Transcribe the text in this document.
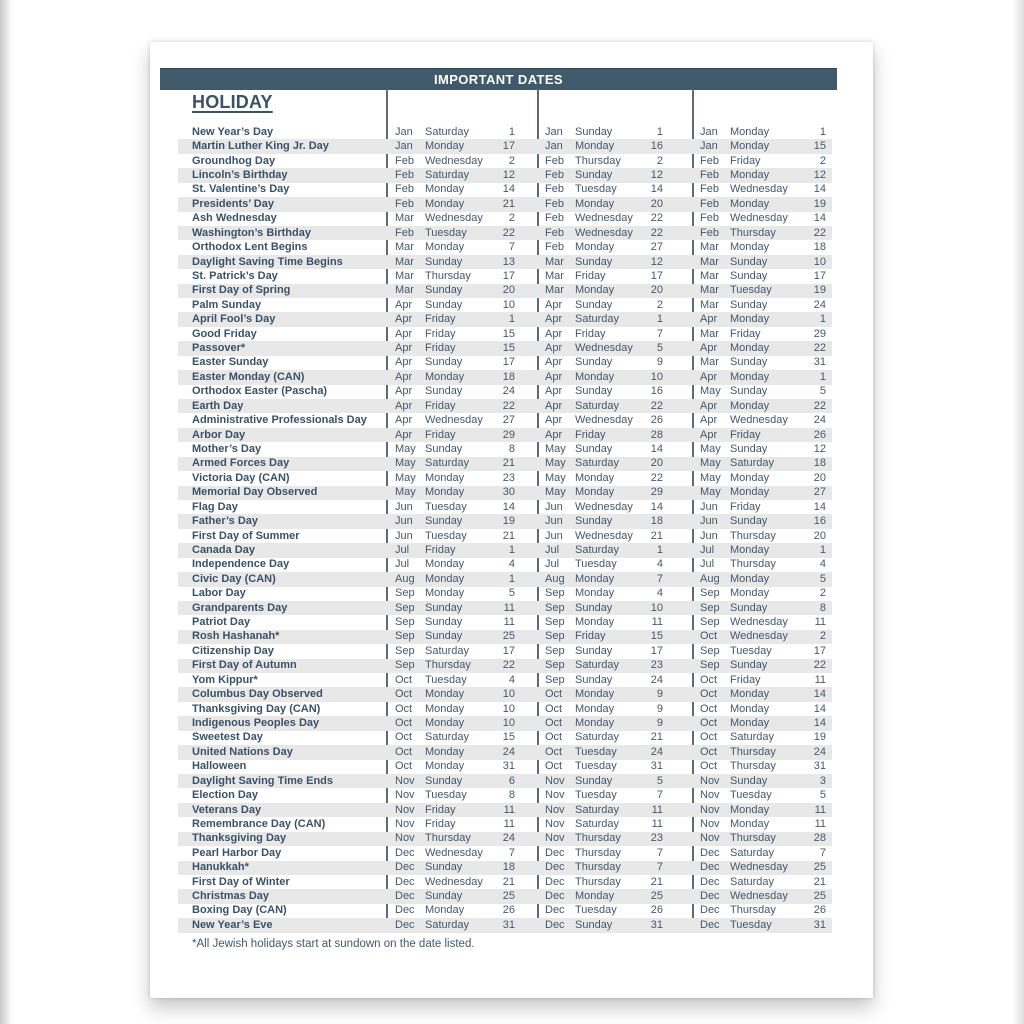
IMPORTANT DATES
HOLIDAY
New Year’s Day	Jan	Saturday	1	Jan	Sunday	1	Jan	Monday	1
Martin Luther King Jr. Day	Jan	Monday	17	Jan	Monday	16	Jan	Monday	15
Groundhog Day	Feb	Wednesday	2	Feb	Thursday	2	Feb	Friday	2
Lincoln’s Birthday	Feb	Saturday	12	Feb	Sunday	12	Feb	Monday	12
St. Valentine’s Day	Feb	Monday	14	Feb	Tuesday	14	Feb	Wednesday	14
Presidents’ Day	Feb	Monday	21	Feb	Monday	20	Feb	Monday	19
Ash Wednesday	Mar	Wednesday	2	Feb	Wednesday	22	Feb	Wednesday	14
Washington’s Birthday	Feb	Tuesday	22	Feb	Wednesday	22	Feb	Thursday	22
Orthodox Lent Begins	Mar	Monday	7	Feb	Monday	27	Mar	Monday	18
Daylight Saving Time Begins	Mar	Sunday	13	Mar	Sunday	12	Mar	Sunday	10
St. Patrick’s Day	Mar	Thursday	17	Mar	Friday	17	Mar	Sunday	17
First Day of Spring	Mar	Sunday	20	Mar	Monday	20	Mar	Tuesday	19
Palm Sunday	Apr	Sunday	10	Apr	Sunday	2	Mar	Sunday	24
April Fool’s Day	Apr	Friday	1	Apr	Saturday	1	Apr	Monday	1
Good Friday	Apr	Friday	15	Apr	Friday	7	Mar	Friday	29
Passover*	Apr	Friday	15	Apr	Wednesday	5	Apr	Monday	22
Easter Sunday	Apr	Sunday	17	Apr	Sunday	9	Mar	Sunday	31
Easter Monday (CAN)	Apr	Monday	18	Apr	Monday	10	Apr	Monday	1
Orthodox Easter (Pascha)	Apr	Sunday	24	Apr	Sunday	16	May Sunday	5
Earth Day	Apr	Friday	22	Apr	Saturday	22	Apr	Monday	22
Administrative Professionals Day	Apr	Wednesday	27	Apr	Wednesday	26	Apr	Wednesday	24
Arbor Day	Apr	Friday	29	Apr	Friday	28	Apr	Friday	26
Mother’s Day	May Sunday	8	May Sunday	14	May Sunday	12
Armed Forces Day	May Saturday	21	May Saturday	20	May Saturday	18
Victoria Day (CAN)	May Monday	23	May Monday	22	May Monday	20
Memorial Day Observed	May Monday	30	May Monday	29	May Monday	27
Flag Day	Jun	Tuesday	14	Jun	Wednesday	14	Jun	Friday	14
Father’s Day	Jun	Sunday	19	Jun	Sunday	18	Jun	Sunday	16
First Day of Summer	Jun	Tuesday	21	Jun	Wednesday	21	Jun	Thursday	20
Canada Day	Jul	Friday	1	Jul	Saturday	1	Jul	Monday	1
Independence Day	Jul	Monday	4	Jul	Tuesday	4	Jul	Thursday	4
Civic Day (CAN)	Aug Monday	1	Aug Monday	7	Aug Monday	5
Labor Day	Sep Monday	5	Sep Monday	4	Sep Monday	2
Grandparents Day	Sep Sunday	11	Sep Sunday	10	Sep Sunday	8
Patriot Day	Sep Sunday	11	Sep Monday	11	Sep Wednesday	11
Rosh Hashanah*	Sep Sunday	25	Sep Friday	15	Oct	Wednesday	2
Citizenship Day	Sep Saturday	17	Sep Sunday	17	Sep Tuesday	17
First Day of Autumn	Sep Thursday	22	Sep Saturday	23	Sep Sunday	22
Yom Kippur*	Oct	Tuesday	4	Sep Sunday	24	Oct	Friday	11
Columbus Day Observed	Oct	Monday	10	Oct	Monday	9	Oct	Monday	14
Thanksgiving Day (CAN)	Oct	Monday	10	Oct	Monday	9	Oct	Monday	14
Indigenous Peoples Day	Oct	Monday	10	Oct	Monday	9	Oct	Monday	14
Sweetest Day	Oct	Saturday	15	Oct	Saturday	21	Oct	Saturday	19
United Nations Day	Oct	Monday	24	Oct	Tuesday	24	Oct	Thursday	24
Halloween	Oct	Monday	31	Oct	Tuesday	31	Oct	Thursday	31
Daylight Saving Time Ends	Nov Sunday	6	Nov Sunday	5	Nov Sunday	3
Election Day	Nov Tuesday	8	Nov Tuesday	7	Nov Tuesday	5
Veterans Day	Nov Friday	11	Nov Saturday	11	Nov Monday	11
Remembrance Day (CAN)	Nov Friday	11	Nov Saturday	11	Nov Monday	11
Thanksgiving Day	Nov Thursday	24	Nov Thursday	23	Nov Thursday	28
Pearl Harbor Day	Dec Wednesday	7	Dec Thursday	7	Dec Saturday	7
Hanukkah*	Dec Sunday	18	Dec Thursday	7	Dec Wednesday	25
First Day of Winter	Dec Wednesday	21	Dec Thursday	21	Dec Saturday	21
Christmas Day	Dec Sunday	25	Dec Monday	25	Dec Wednesday	25
Boxing Day (CAN)	Dec Monday	26	Dec Tuesday	26	Dec Thursday	26
New Year’s Eve	Dec Saturday	31	Dec Sunday	31	Dec Tuesday	31
*All Jewish holidays start at sundown on the date listed.
